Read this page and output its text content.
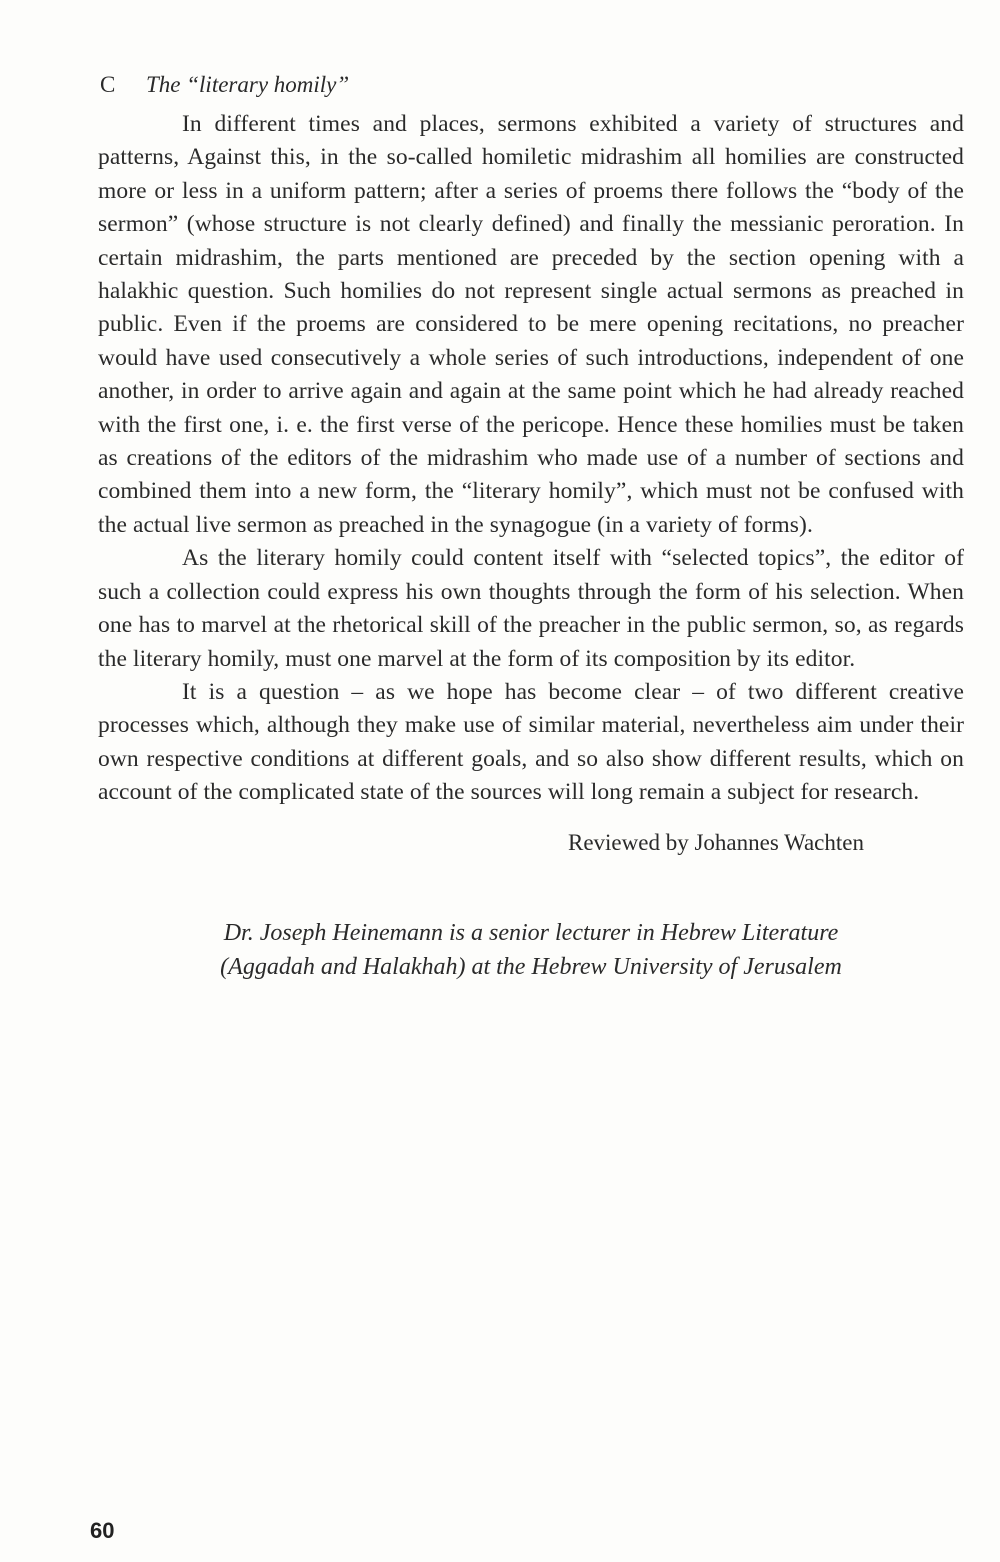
C The “literary homily”

In different times and places, sermons exhibited a variety of structures and patterns, Against this, in the so-called homiletic midrashim all homilies are constructed more or less in a uniform pattern; after a series of proems there follows the “body of the sermon” (whose structure is not clearly defined) and finally the messianic peroration. In certain midrashim, the parts mentioned are preceded by the section opening with a halakhic question. Such homilies do not represent single actual sermons as preached in public. Even if the proems are considered to be mere opening recitations, no preacher would have used consecutively a whole series of such introductions, independent of one another, in order to arrive again and again at the same point which he had already reached with the first one, i. e. the first verse of the pericope. Hence these homilies must be taken as creations of the editors of the midrashim who made use of a number of sections and combined them into a new form, the “literary homily”, which must not be confused with the actual live sermon as preached in the synagogue (in a variety of forms).

As the literary homily could content itself with “selected topics”, the editor of such a collection could express his own thoughts through the form of his selection. When one has to marvel at the rhetorical skill of the preacher in the public sermon, so, as regards the literary homily, must one marvel at the form of its composition by its editor.

It is a question – as we hope has become clear – of two different creative processes which, although they make use of similar material, nevertheless aim under their own respective conditions at different goals, and so also show different results, which on account of the complicated state of the sources will long remain a subject for research.

Reviewed by Johannes Wachten
Dr. Joseph Heinemann is a senior lecturer in Hebrew Literature
(Aggadah and Halakhah) at the Hebrew University of Jerusalem
60
